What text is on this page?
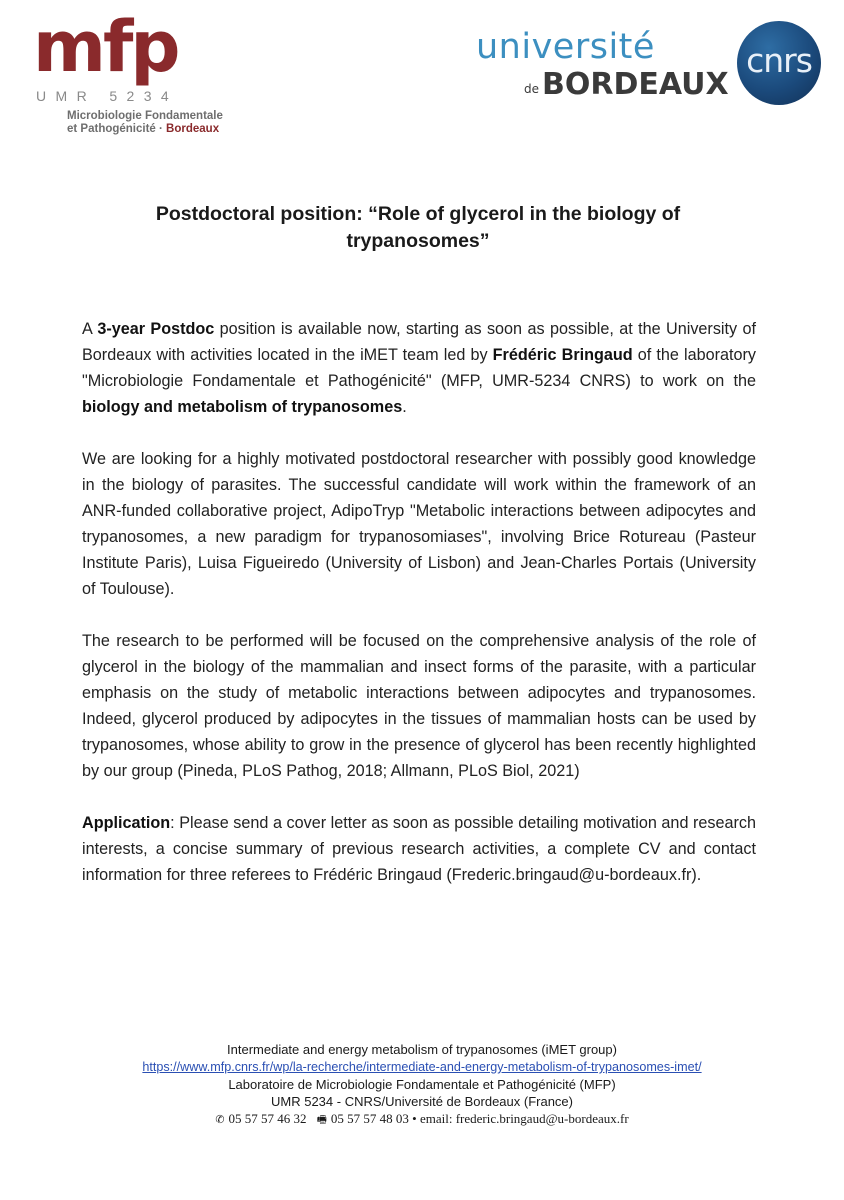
mfp
UMR 5234
Microbiologie Fondamentale
et Pathogénicité · Bordeaux
université
de BORDEAUX
cnrs
Postdoctoral position: “Role of glycerol in the biology of
trypanosomes”

A 3-year Postdoc position is available now, starting as soon as possible, at the University of Bordeaux with activities located in the iMET team led by Frédéric Bringaud of the laboratory "Microbiologie Fondamentale et Pathogénicité" (MFP, UMR-5234 CNRS) to work on the biology and metabolism of trypanosomes.

We are looking for a highly motivated postdoctoral researcher with possibly good knowledge in the biology of parasites. The successful candidate will work within the framework of an ANR-funded collaborative project, AdipoTryp "Metabolic interactions between adipocytes and trypanosomes, a new paradigm for trypanosomiases", involving Brice Rotureau (Pasteur Institute Paris), Luisa Figueiredo (University of Lisbon) and Jean-Charles Portais (University of Toulouse).

The research to be performed will be focused on the comprehensive analysis of the role of glycerol in the biology of the mammalian and insect forms of the parasite, with a particular emphasis on the study of metabolic interactions between adipocytes and trypanosomes. Indeed, glycerol produced by adipocytes in the tissues of mammalian hosts can be used by trypanosomes, whose ability to grow in the presence of glycerol has been recently highlighted by our group (Pineda, PLoS Pathog, 2018; Allmann, PLoS Biol, 2021)

Application: Please send a cover letter as soon as possible detailing motivation and research interests, a concise summary of previous research activities, a complete CV and contact information for three referees to Frédéric Bringaud (Frederic.bringaud@u-bordeaux.fr).

Intermediate and energy metabolism of trypanosomes (iMET group)
https://www.mfp.cnrs.fr/wp/la-recherche/intermediate-and-energy-metabolism-of-trypanosomes-imet/
Laboratoire de Microbiologie Fondamentale et Pathogénicité (MFP)
UMR 5234 - CNRS/Université de Bordeaux (France)
✆ 05 57 57 46 32 🖷 05 57 57 48 03 • email: frederic.bringaud@u-bordeaux.fr
